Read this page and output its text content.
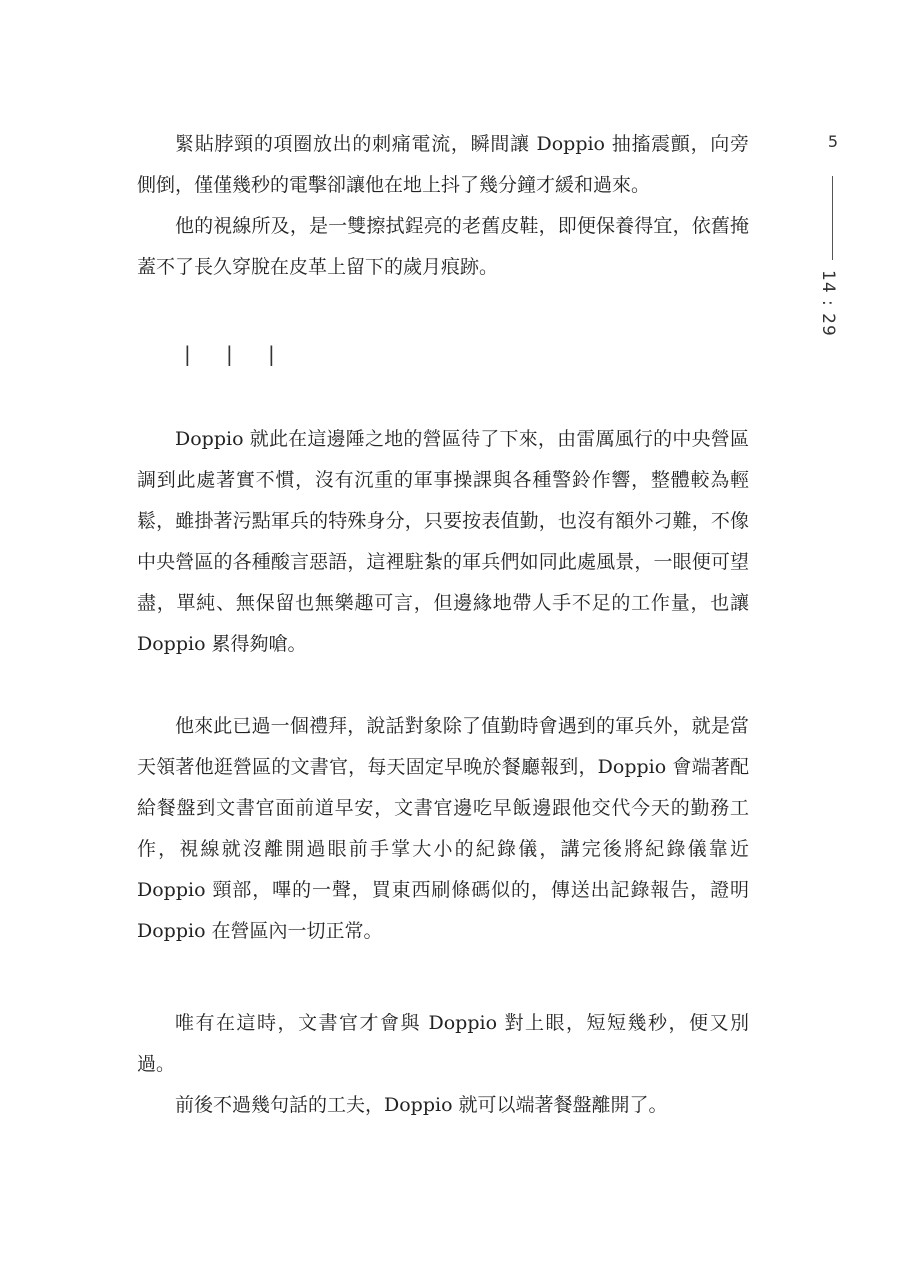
緊貼脖頸的項圈放出的刺痛電流，瞬間讓 Doppio 抽搐震顫，向旁側倒，僅僅幾秒的電擊卻讓他在地上抖了幾分鐘才緩和過來。

他的視線所及，是一雙擦拭鋥亮的老舊皮鞋，即便保養得宜，依舊掩蓋不了長久穿脫在皮革上留下的歲月痕跡。

| | |

Doppio 就此在這邊陲之地的營區待了下來，由雷厲風行的中央營區調到此處著實不慣，沒有沉重的軍事操課與各種警鈴作響，整體較為輕鬆，雖掛著污點軍兵的特殊身分，只要按表值勤，也沒有額外刁難，不像中央營區的各種酸言惡語，這裡駐紮的軍兵們如同此處風景，一眼便可望盡，單純、無保留也無樂趣可言，但邊緣地帶人手不足的工作量，也讓 Doppio 累得夠嗆。

他來此已過一個禮拜，說話對象除了值勤時會遇到的軍兵外，就是當天領著他逛營區的文書官，每天固定早晚於餐廳報到，Doppio 會端著配給餐盤到文書官面前道早安，文書官邊吃早飯邊跟他交代今天的勤務工作，視線就沒離開過眼前手掌大小的紀錄儀，講完後將紀錄儀靠近 Doppio 頸部，嗶的一聲，買東西刷條碼似的，傳送出記錄報告，證明 Doppio 在營區內一切正常。

唯有在這時，文書官才會與 Doppio 對上眼，短短幾秒，便又別過。

前後不過幾句話的工夫，Doppio 就可以端著餐盤離開了。

5
14 : 29
